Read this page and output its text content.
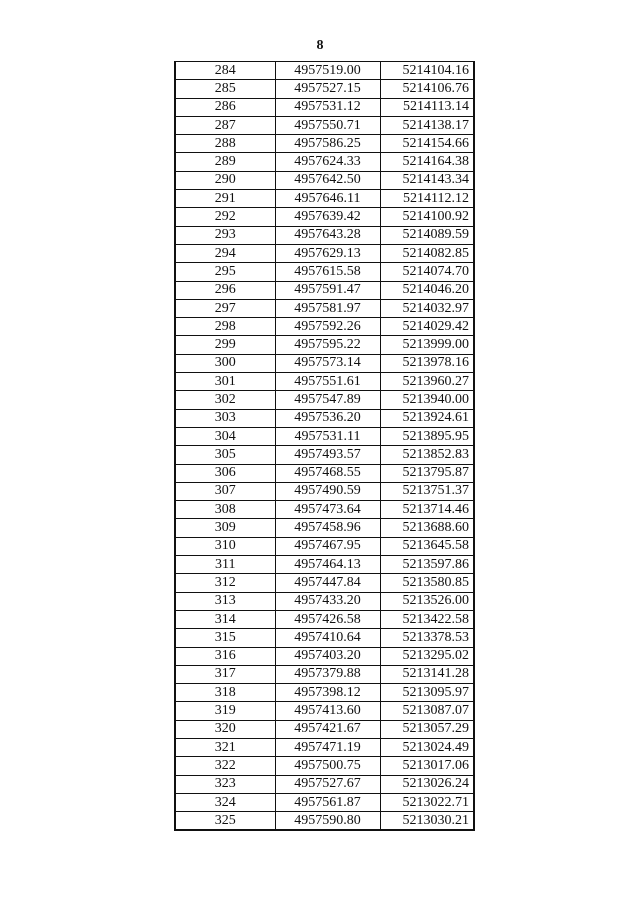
8
284	4957519.00	5214104.16
285	4957527.15	5214106.76
286	4957531.12	5214113.14
287	4957550.71	5214138.17
288	4957586.25	5214154.66
289	4957624.33	5214164.38
290	4957642.50	5214143.34
291	4957646.11	5214112.12
292	4957639.42	5214100.92
293	4957643.28	5214089.59
294	4957629.13	5214082.85
295	4957615.58	5214074.70
296	4957591.47	5214046.20
297	4957581.97	5214032.97
298	4957592.26	5214029.42
299	4957595.22	5213999.00
300	4957573.14	5213978.16
301	4957551.61	5213960.27
302	4957547.89	5213940.00
303	4957536.20	5213924.61
304	4957531.11	5213895.95
305	4957493.57	5213852.83
306	4957468.55	5213795.87
307	4957490.59	5213751.37
308	4957473.64	5213714.46
309	4957458.96	5213688.60
310	4957467.95	5213645.58
311	4957464.13	5213597.86
312	4957447.84	5213580.85
313	4957433.20	5213526.00
314	4957426.58	5213422.58
315	4957410.64	5213378.53
316	4957403.20	5213295.02
317	4957379.88	5213141.28
318	4957398.12	5213095.97
319	4957413.60	5213087.07
320	4957421.67	5213057.29
321	4957471.19	5213024.49
322	4957500.75	5213017.06
323	4957527.67	5213026.24
324	4957561.87	5213022.71
325	4957590.80	5213030.21
